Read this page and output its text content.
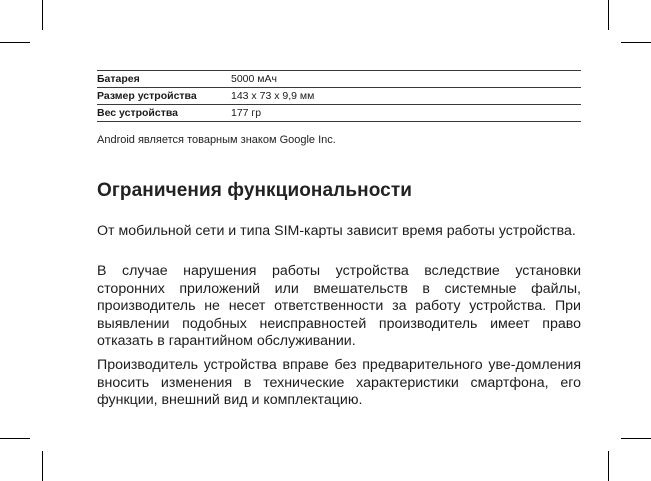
Батарея	5000 мАч
Размер устройства	143 x 73 x 9,9 мм
Вес устройства	177 гр
Android является товарным знаком Google Inc.
Ограничения функциональности

От мобильной сети и типа SIM-карты зависит время работы устройства.

В случае нарушения работы устройства вследствие установки сторонних приложений или вмешательств в системные файлы, производитель не несет ответственности за работу устройства. При выявлении подобных неисправностей производитель имеет право отказать в гарантийном обслуживании.

Производитель устройства вправе без предварительного уве-домления вносить изменения в технические характеристики смартфона, его функции, внешний вид и комплектацию.
